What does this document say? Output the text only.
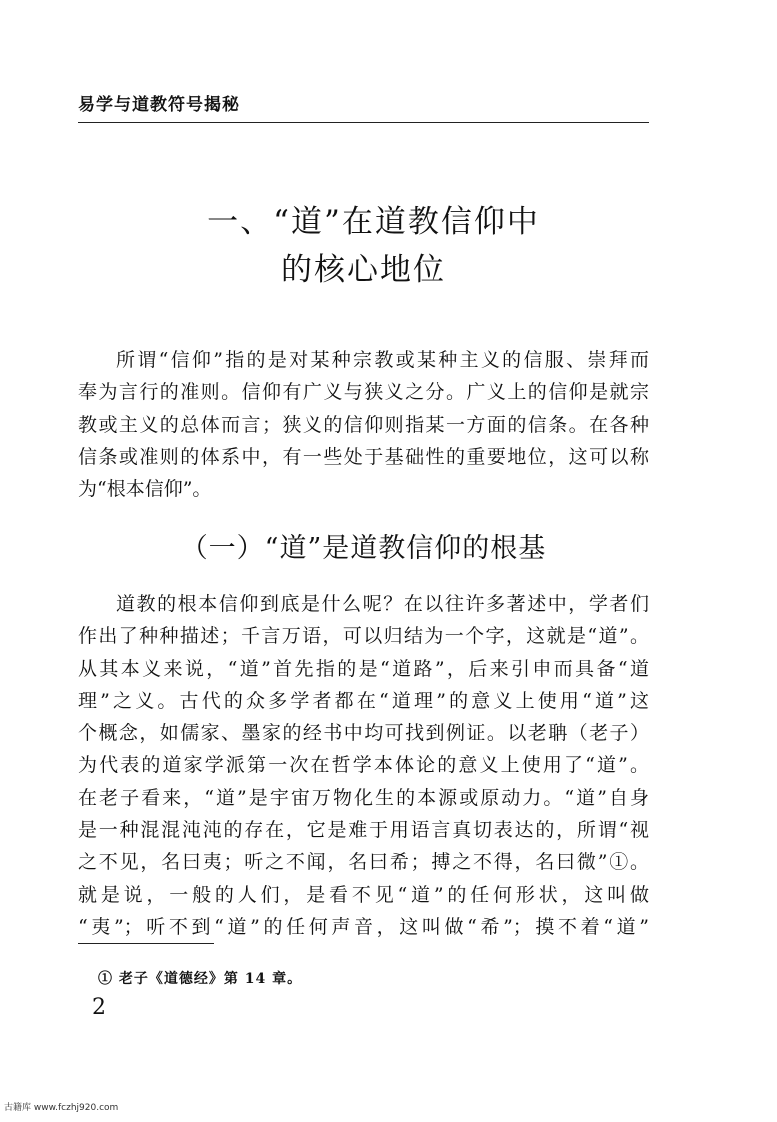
易学与道教符号揭秘
一、“道”在道教信仰中
的核心地位
所谓“信仰”指的是对某种宗教或某种主义的信服、崇拜而
奉为言行的准则。信仰有广义与狭义之分。广义上的信仰是就宗
教或主义的总体而言；狭义的信仰则指某一方面的信条。在各种
信条或准则的体系中，有一些处于基础性的重要地位，这可以称
为“根本信仰”。
（一）“道”是道教信仰的根基
道教的根本信仰到底是什么呢？在以往许多著述中，学者们
作出了种种描述；千言万语，可以归结为一个字，这就是“道”。
从其本义来说，“道”首先指的是“道路”，后来引申而具备“道
理”之义。古代的众多学者都在“道理”的意义上使用“道”这
个概念，如儒家、墨家的经书中均可找到例证。以老聃（老子）
为代表的道家学派第一次在哲学本体论的意义上使用了“道”。
在老子看来，“道”是宇宙万物化生的本源或原动力。“道”自身
是一种混混沌沌的存在，它是难于用语言真切表达的，所谓“视
之不见，名曰夷；听之不闻，名曰希；搏之不得，名曰微”①。
就是说，一般的人们，是看不见“道”的任何形状，这叫做
“夷”；听不到“道”的任何声音，这叫做“希”；摸不着“道”
① 老子《道德经》第 14 章。
2
古籍库 www.fczhj920.com
